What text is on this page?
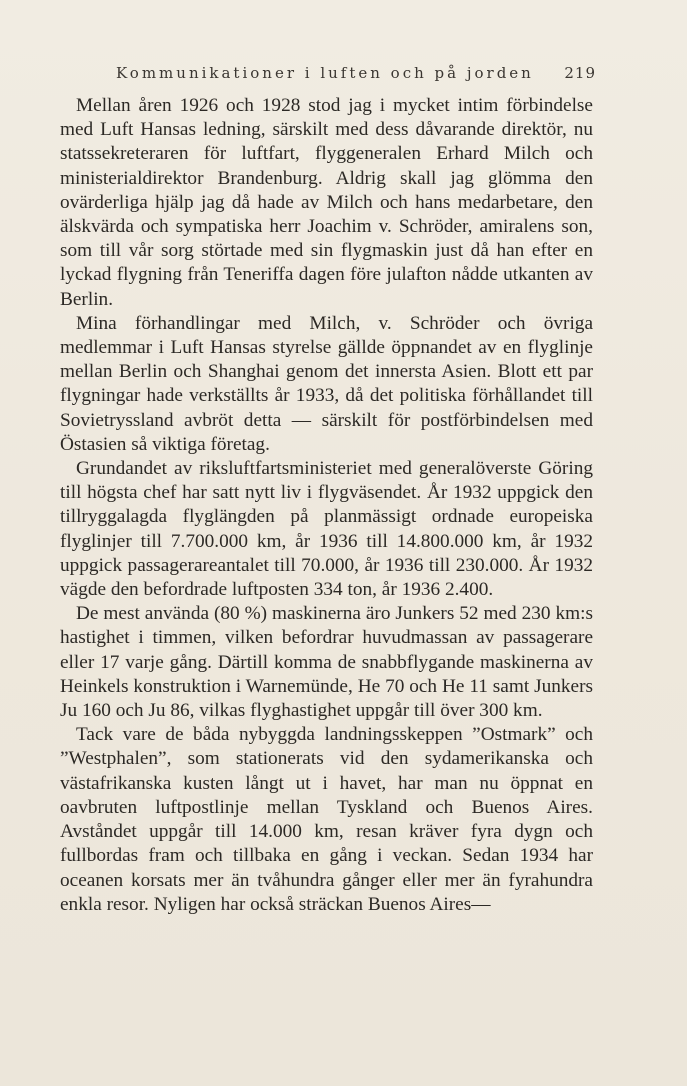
Kommunikationer i luften och på jorden 219

Mellan åren 1926 och 1928 stod jag i mycket intim förbindelse med Luft Hansas ledning, särskilt med dess dåvarande direktör, nu statssekreteraren för luftfart, flyggeneralen Erhard Milch och ministerialdirektor Brandenburg. Aldrig skall jag glömma den ovärderliga hjälp jag då hade av Milch och hans medarbetare, den älskvärda och sympatiska herr Joachim v. Schröder, amiralens son, som till vår sorg störtade med sin flygmaskin just då han efter en lyckad flygning från Teneriffa dagen före julafton nådde utkanten av Berlin.

Mina förhandlingar med Milch, v. Schröder och övriga medlemmar i Luft Hansas styrelse gällde öppnandet av en flyglinje mellan Berlin och Shanghai genom det innersta Asien. Blott ett par flygningar hade verkställts år 1933, då det politiska förhållandet till Sovietryssland avbröt detta — särskilt för postförbindelsen med Östasien så viktiga företag.

Grundandet av riksluftfartsministeriet med generalöverste Göring till högsta chef har satt nytt liv i flygväsendet. År 1932 uppgick den tillryggalagda flyglängden på planmässigt ordnade europeiska flyglinjer till 7.700.000 km, år 1936 till 14.800.000 km, år 1932 uppgick passagerareantalet till 70.000, år 1936 till 230.000. År 1932 vägde den befordrade luftposten 334 ton, år 1936 2.400.

De mest använda (80 %) maskinerna äro Junkers 52 med 230 km:s hastighet i timmen, vilken befordrar huvudmassan av passagerare eller 17 varje gång. Därtill komma de snabbflygande maskinerna av Heinkels konstruktion i Warnemünde, He 70 och He 11 samt Junkers Ju 160 och Ju 86, vilkas flyghastighet uppgår till över 300 km.

Tack vare de båda nybyggda landningsskeppen ”Ostmark” och ”Westphalen”, som stationerats vid den sydamerikanska och västafrikanska kusten långt ut i havet, har man nu öppnat en oavbruten luftpostlinje mellan Tyskland och Buenos Aires. Avståndet uppgår till 14.000 km, resan kräver fyra dygn och fullbordas fram och tillbaka en gång i veckan. Sedan 1934 har oceanen korsats mer än tvåhundra gånger eller mer än fyrahundra enkla resor. Nyligen har också sträckan Buenos Aires—
